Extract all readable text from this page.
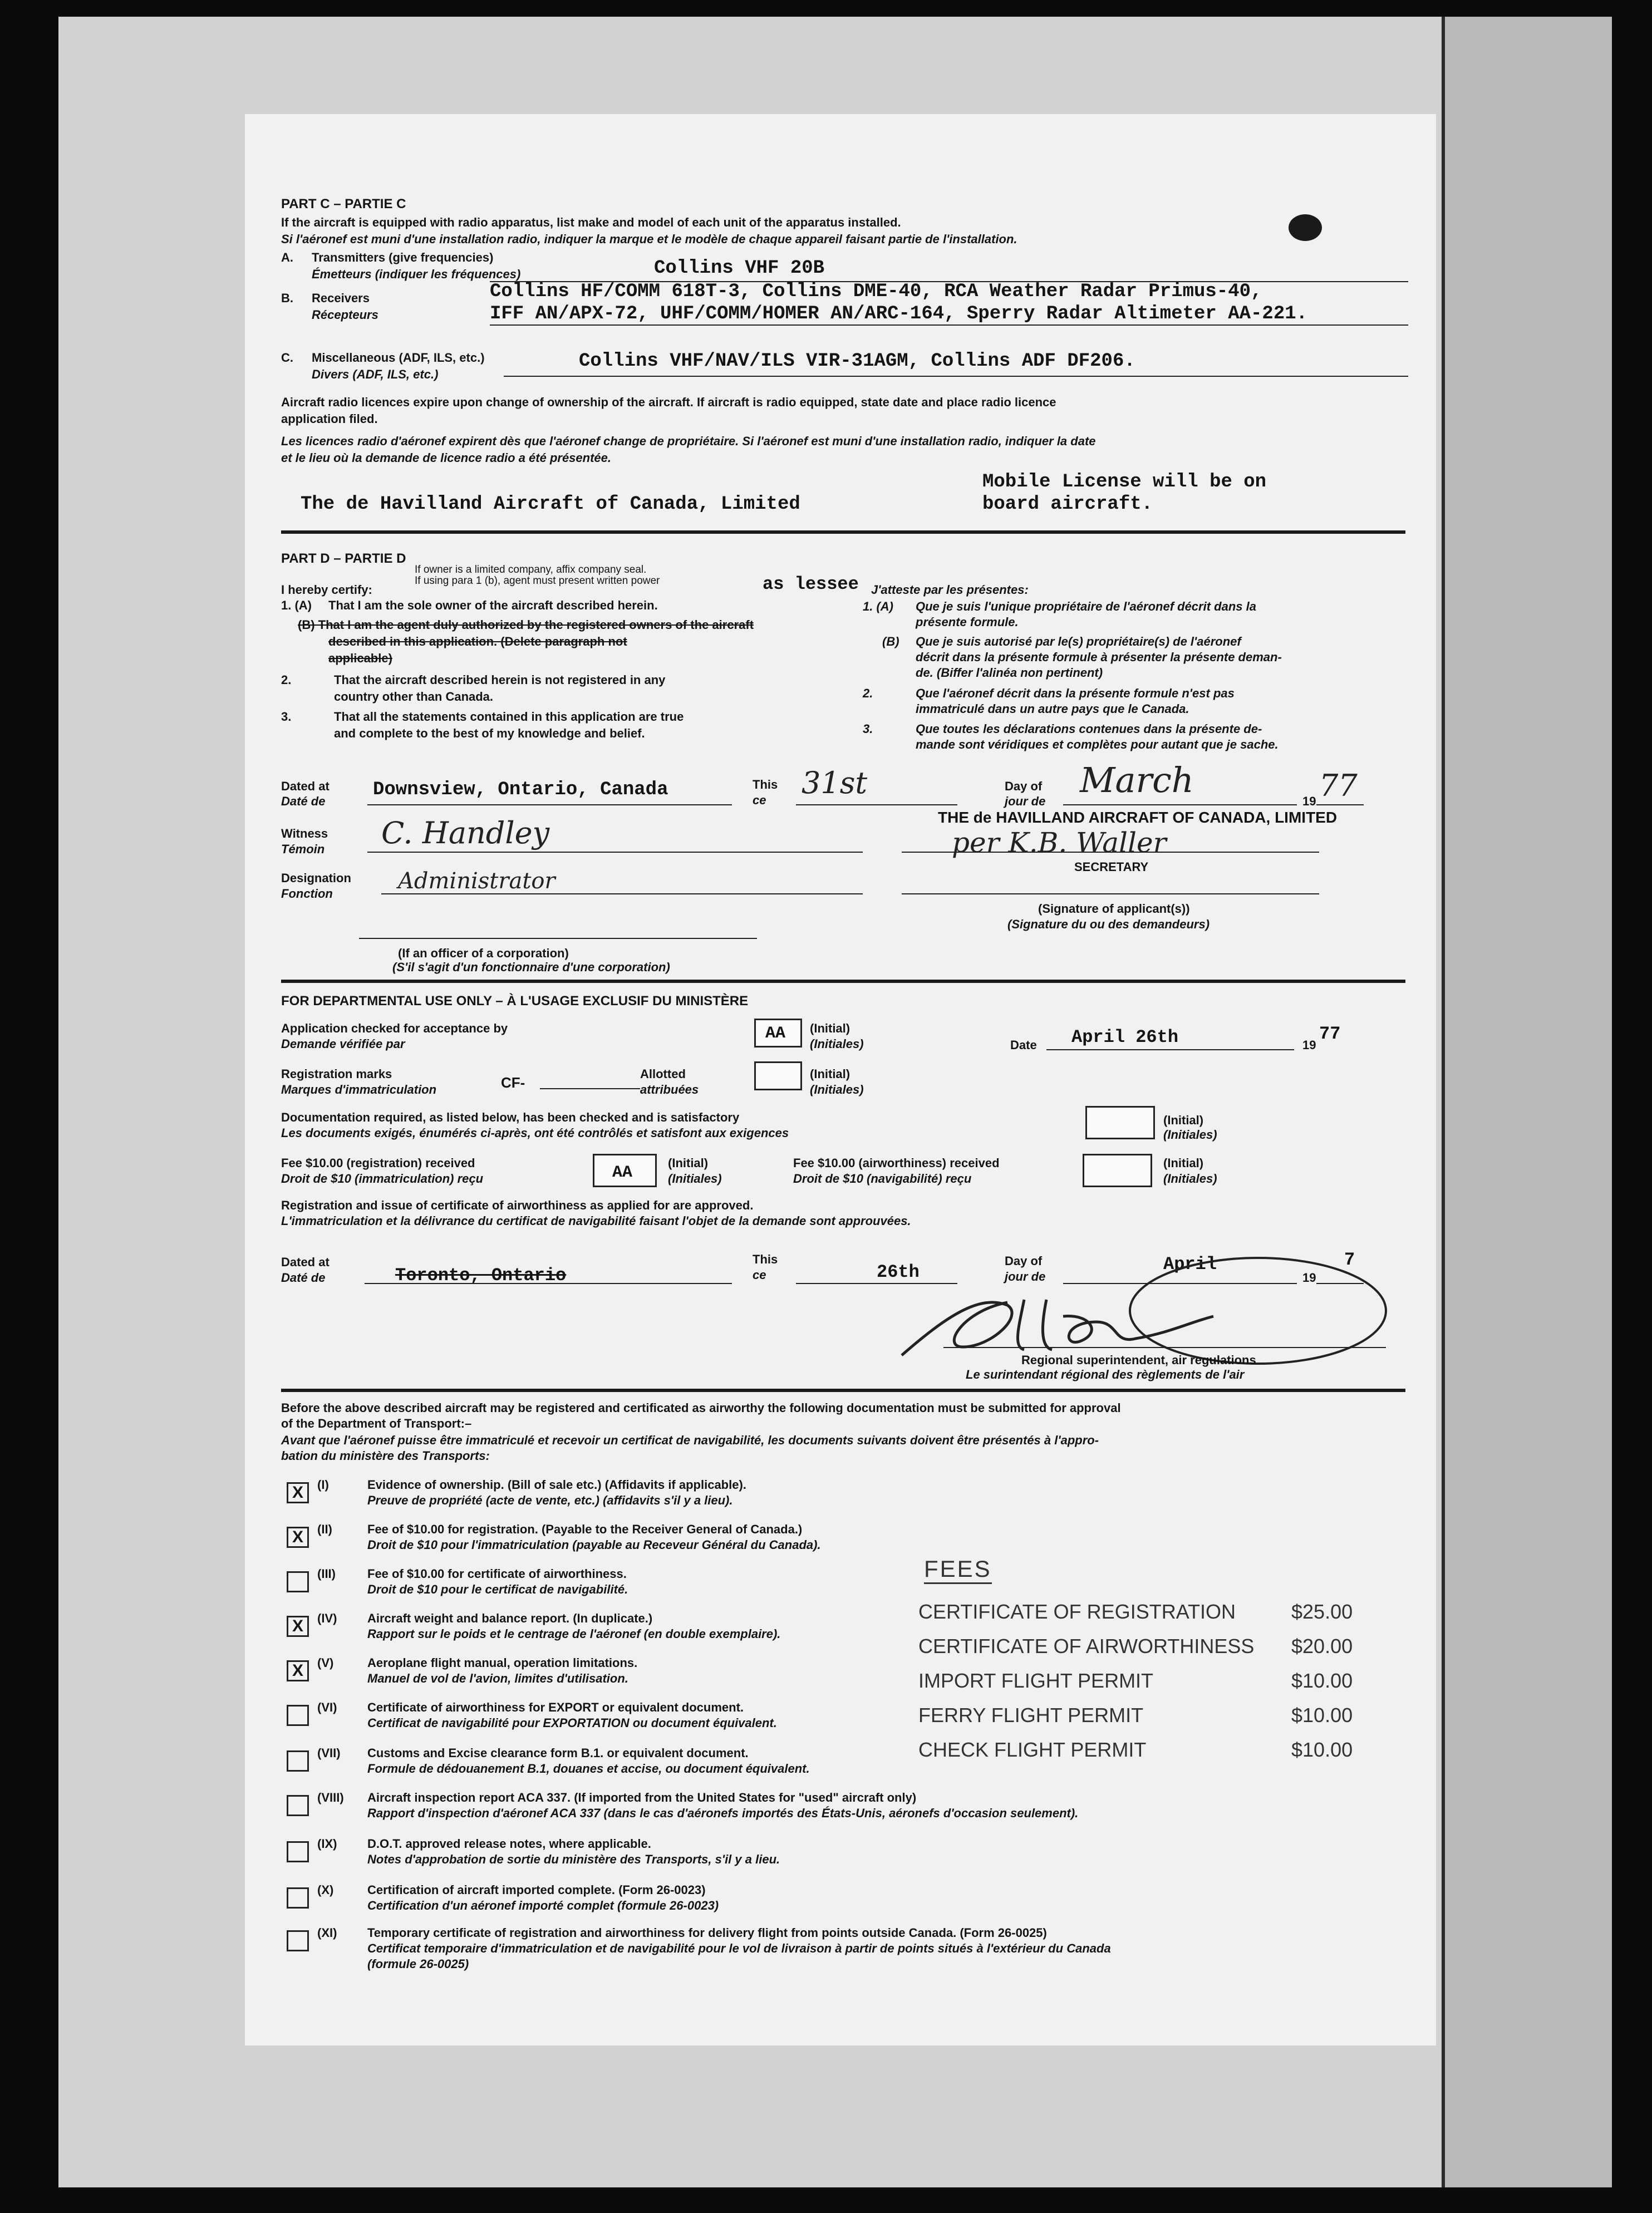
PART C – PARTIE C
If the aircraft is equipped with radio apparatus, list make and model of each unit of the apparatus installed.
Si l'aéronef est muni d'une installation radio, indiquer la marque et le modèle de chaque appareil faisant partie de l'installation.
A. Transmitters (give frequencies)
Émetteurs (indiquer les fréquences)	Collins VHF 20B
B. Receivers
Récepteurs
Collins HF/COMM 618T-3, Collins DME-40, RCA Weather Radar Primus-40,
IFF AN/APX-72, UHF/COMM/HOMER AN/ARC-164, Sperry Radar Altimeter AA-221.
C. Miscellaneous (ADF, ILS, etc.)
Divers (ADF, ILS, etc.)
Collins VHF/NAV/ILS VIR-31AGM, Collins ADF DF206.
Aircraft radio licences expire upon change of ownership of the aircraft. If aircraft is radio equipped, state date and place radio licence
application filed.
Les licences radio d'aéronef expirent dès que l'aéronef change de propriétaire. Si l'aéronef est muni d'une installation radio, indiquer la date
et le lieu où la demande de licence radio a été présentée.
The de Havilland Aircraft of Canada, Limited
Mobile License will be on
board aircraft.
PART D – PARTIE D
If owner is a limited company, affix company seal.
If using para 1 (b), agent must present written power	as lessee
I hereby certify:	J'atteste par les présentes:
1. (A) That I am the sole owner of the aircraft described herein.
(B) That I am the agent duly authorized by the registered owners of the aircraft
described in this application. (Delete paragraph not
applicable)
2.	That the aircraft described herein is not registered in any
country other than Canada.
3.	That all the statements contained in this application are true
and complete to the best of my knowledge and belief.
1. (A) Que je suis l'unique propriétaire de l'aéronef décrit dans la
présente formule.
(B) Que je suis autorisé par le(s) propriétaire(s) de l'aéronef
décrit dans la présente formule à présenter la présente deman-
de. (Biffer l'alinéa non pertinent)
2.	Que l'aéronef décrit dans la présente formule n'est pas
immatriculé dans un autre pays que le Canada.
3.	Que toutes les déclarations contenues dans la présente de-
mande sont véridiques et complètes pour autant que je sache.
Dated at
Daté de
Downsview, Ontario, Canada	This
ce 31st	Day of
jour de
March
19 77
THE de HAVILLAND AIRCRAFT OF CANADA, LIMITED
per K.B. Waller
SECRETARY
(Signature of applicant(s))
(Signature du ou des demandeurs)
Witness
Témoin C. Handley
Designation
Fonction	Administrator
(If an officer of a corporation)
(S'il s'agit d'un fonctionnaire d'une corporation)
FOR DEPARTMENTAL USE ONLY – À L'USAGE EXCLUSIF DU MINISTÈRE
Application checked for acceptance by
Demande vérifiée par
AA (Initial)
(Initiales)	Date April 26th	19
77
Registration marks
Marques d'immatriculation	CF-
Allotted
attribuées
(Initial)
(Initiales)
Documentation required, as listed below, has been checked and is satisfactory
Les documents exigés, énumérés ci-après, ont été contrôlés et satisfont aux exigences
(Initial)
(Initiales)
Fee $10.00 (registration) received
Droit de $10 (immatriculation) reçu	AA
(Initial)
(Initiales)
Fee $10.00 (airworthiness) received
Droit de $10 (navigabilité) reçu
(Initial)
(Initiales)
Registration and issue of certificate of airworthiness as applied for are approved.
L'immatriculation et la délivrance du certificat de navigabilité faisant l'objet de la demande sont approuvées.
Dated at
Daté de	Toronto, Ontario
This
ce	26th
Day of
jour de
April
19
7
Regional superintendent, air regulations
Le surintendant régional des règlements de l'air
Before the above described aircraft may be registered and certificated as airworthy the following documentation must be submitted for approval
of the Department of Transport:–
Avant que l'aéronef puisse être immatriculé et recevoir un certificat de navigabilité, les documents suivants doivent être présentés à l'appro-
bation du ministère des Transports:
X	(I)	Evidence of ownership. (Bill of sale etc.) (Affidavits if applicable).
Preuve de propriété (acte de vente, etc.) (affidavits s'il y a lieu).
X	(II)	Fee of $10.00 for registration. (Payable to the Receiver General of Canada.)
Droit de $10 pour l'immatriculation (payable au Receveur Général du Canada).
(III)	Fee of $10.00 for certificate of airworthiness.
Droit de $10 pour le certificat de navigabilité.
X	(IV) Aircraft weight and balance report. (In duplicate.)
Rapport sur le poids et le centrage de l'aéronef (en double exemplaire).
X	(V)	Aeroplane flight manual, operation limitations.
Manuel de vol de l'avion, limites d'utilisation.
(VI) Certificate of airworthiness for EXPORT or equivalent document.
Certificat de navigabilité pour EXPORTATION ou document équivalent.
(VII) Customs and Excise clearance form B.1. or equivalent document.
Formule de dédouanement B.1, douanes et accise, ou document équivalent.
(VIII) Aircraft inspection report ACA 337. (If imported from the United States for "used" aircraft only)
Rapport d'inspection d'aéronef ACA 337 (dans le cas d'aéronefs importés des États-Unis, aéronefs d'occasion seulement).
(IX) D.O.T. approved release notes, where applicable.
Notes d'approbation de sortie du ministère des Transports, s'il y a lieu.
(X)	Certification of aircraft imported complete. (Form 26-0023)
Certification d'un aéronef importé complet (formule 26-0023)
(XI) Temporary certificate of registration and airworthiness for delivery flight from points outside Canada. (Form 26-0025)
Certificat temporaire d'immatriculation et de navigabilité pour le vol de livraison à partir de points situés à l'extérieur du Canada
(formule 26-0025)
FEES
CERTIFICATE OF REGISTRATION	$25.00
CERTIFICATE OF AIRWORTHINESS $20.00
IMPORT FLIGHT PERMIT	$10.00
FERRY FLIGHT PERMIT	$10.00
CHECK FLIGHT PERMIT	$10.00
